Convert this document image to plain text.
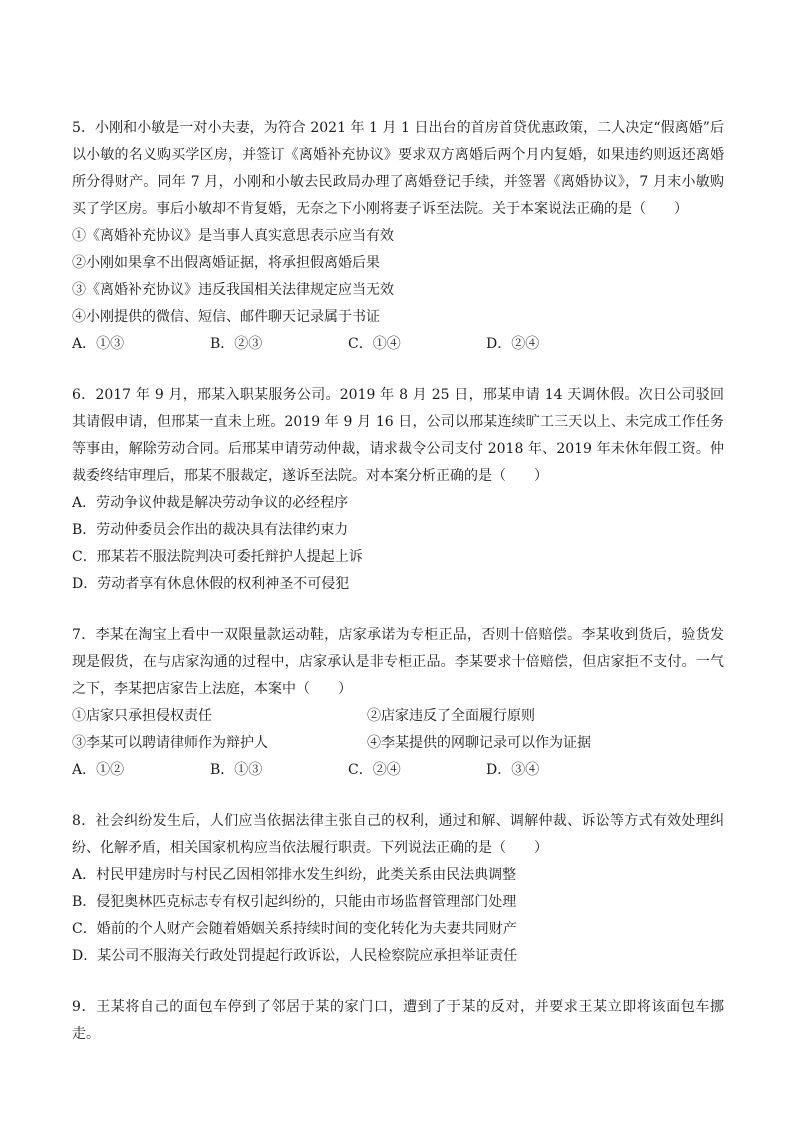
5．小刚和小敏是一对小夫妻，为符合 2021 年 1 月 1 日出台的首房首贷优惠政策，二人决定“假离婚”后以小敏的名义购买学区房，并签订《离婚补充协议》要求双方离婚后两个月内复婚，如果违约则返还离婚所分得财产。同年 7 月，小刚和小敏去民政局办理了离婚登记手续，并签署《离婚协议》，7 月末小敏购买了学区房。事后小敏却不肯复婚，无奈之下小刚将妻子诉至法院。关于本案说法正确的是（　　）

①《离婚补充协议》是当事人真实意思表示应当有效

②小刚如果拿不出假离婚证据，将承担假离婚后果

③《离婚补充协议》违反我国相关法律规定应当无效

④小刚提供的微信、短信、邮件聊天记录属于书证

A．①③	B．②③	C．①④	D．②④

6．2017 年 9 月，邢某入职某服务公司。2019 年 8 月 25 日，邢某申请 14 天调休假。次日公司驳回其请假申请，但邢某一直未上班。2019 年 9 月 16 日，公司以邢某连续旷工三天以上、未完成工作任务等事由，解除劳动合同。后邢某申请劳动仲裁，请求裁令公司支付 2018 年、2019 年未休年假工资。仲裁委终结审理后，邢某不服裁定，遂诉至法院。对本案分析正确的是（　　）

A．劳动争议仲裁是解决劳动争议的必经程序

B．劳动仲委员会作出的裁决具有法律约束力

C．邢某若不服法院判决可委托辩护人提起上诉

D．劳动者享有休息休假的权利神圣不可侵犯

7．李某在淘宝上看中一双限量款运动鞋，店家承诺为专柜正品，否则十倍赔偿。李某收到货后，验货发现是假货，在与店家沟通的过程中，店家承认是非专柜正品。李某要求十倍赔偿，但店家拒不支付。一气之下，李某把店家告上法庭，本案中（　　）

①店家只承担侵权责任	②店家违反了全面履行原则
③李某可以聘请律师作为辩护人	④李某提供的网聊记录可以作为证据
A．①②	B．①③	C．②④	D．③④

8．社会纠纷发生后，人们应当依据法律主张自己的权利，通过和解、调解仲裁、诉讼等方式有效处理纠纷、化解矛盾，相关国家机构应当依法履行职责。下列说法正确的是（　　）

A．村民甲建房时与村民乙因相邻排水发生纠纷，此类关系由民法典调整

B．侵犯奥林匹克标志专有权引起纠纷的，只能由市场监督管理部门处理

C．婚前的个人财产会随着婚姻关系持续时间的变化转化为夫妻共同财产

D．某公司不服海关行政处罚提起行政诉讼，人民检察院应承担举证责任

9．王某将自己的面包车停到了邻居于某的家门口，遭到了于某的反对，并要求王某立即将该面包车挪走。
